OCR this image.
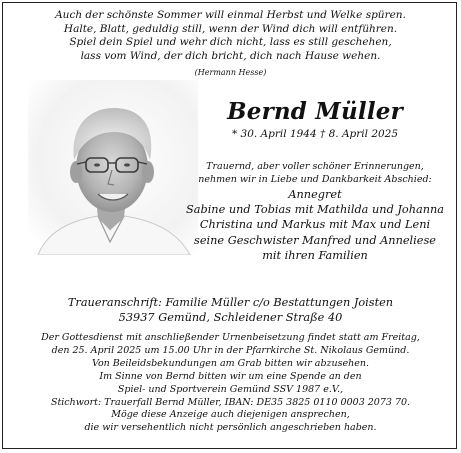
Auch der schönste Sommer will einmal Herbst und Welke spüren.
Halte, Blatt, geduldig still, wenn der Wind dich will entführen.
Spiel dein Spiel und wehr dich nicht, lass es still geschehen,
lass vom Wind, der dich bricht, dich nach Hause wehen.
(Hermann Hesse)
Bernd Müller
* 30. April 1944 † 8. April 2025
Trauernd, aber voller schöner Erinnerungen,
nehmen wir in Liebe und Dankbarkeit Abschied:
Annegret
Sabine und Tobias mit Mathilda und Johanna
Christina und Markus mit Max und Leni
seine Geschwister Manfred und Anneliese
mit ihren Familien
Traueranschrift: Familie Müller c/o Bestattungen Joisten
53937 Gemünd, Schleidener Straße 40
Der Gottesdienst mit anschließender Urnenbeisetzung findet statt am Freitag,
den 25. April 2025 um 15.00 Uhr in der Pfarrkirche St. Nikolaus Gemünd.
Von Beileidsbekundungen am Grab bitten wir abzusehen.
Im Sinne von Bernd bitten wir um eine Spende an den
Spiel- und Sportverein Gemünd SSV 1987 e.V.,
Stichwort: Trauerfall Bernd Müller, IBAN: DE35 3825 0110 0003 2073 70.
Möge diese Anzeige auch diejenigen ansprechen,
die wir versehentlich nicht persönlich angeschrieben haben.
